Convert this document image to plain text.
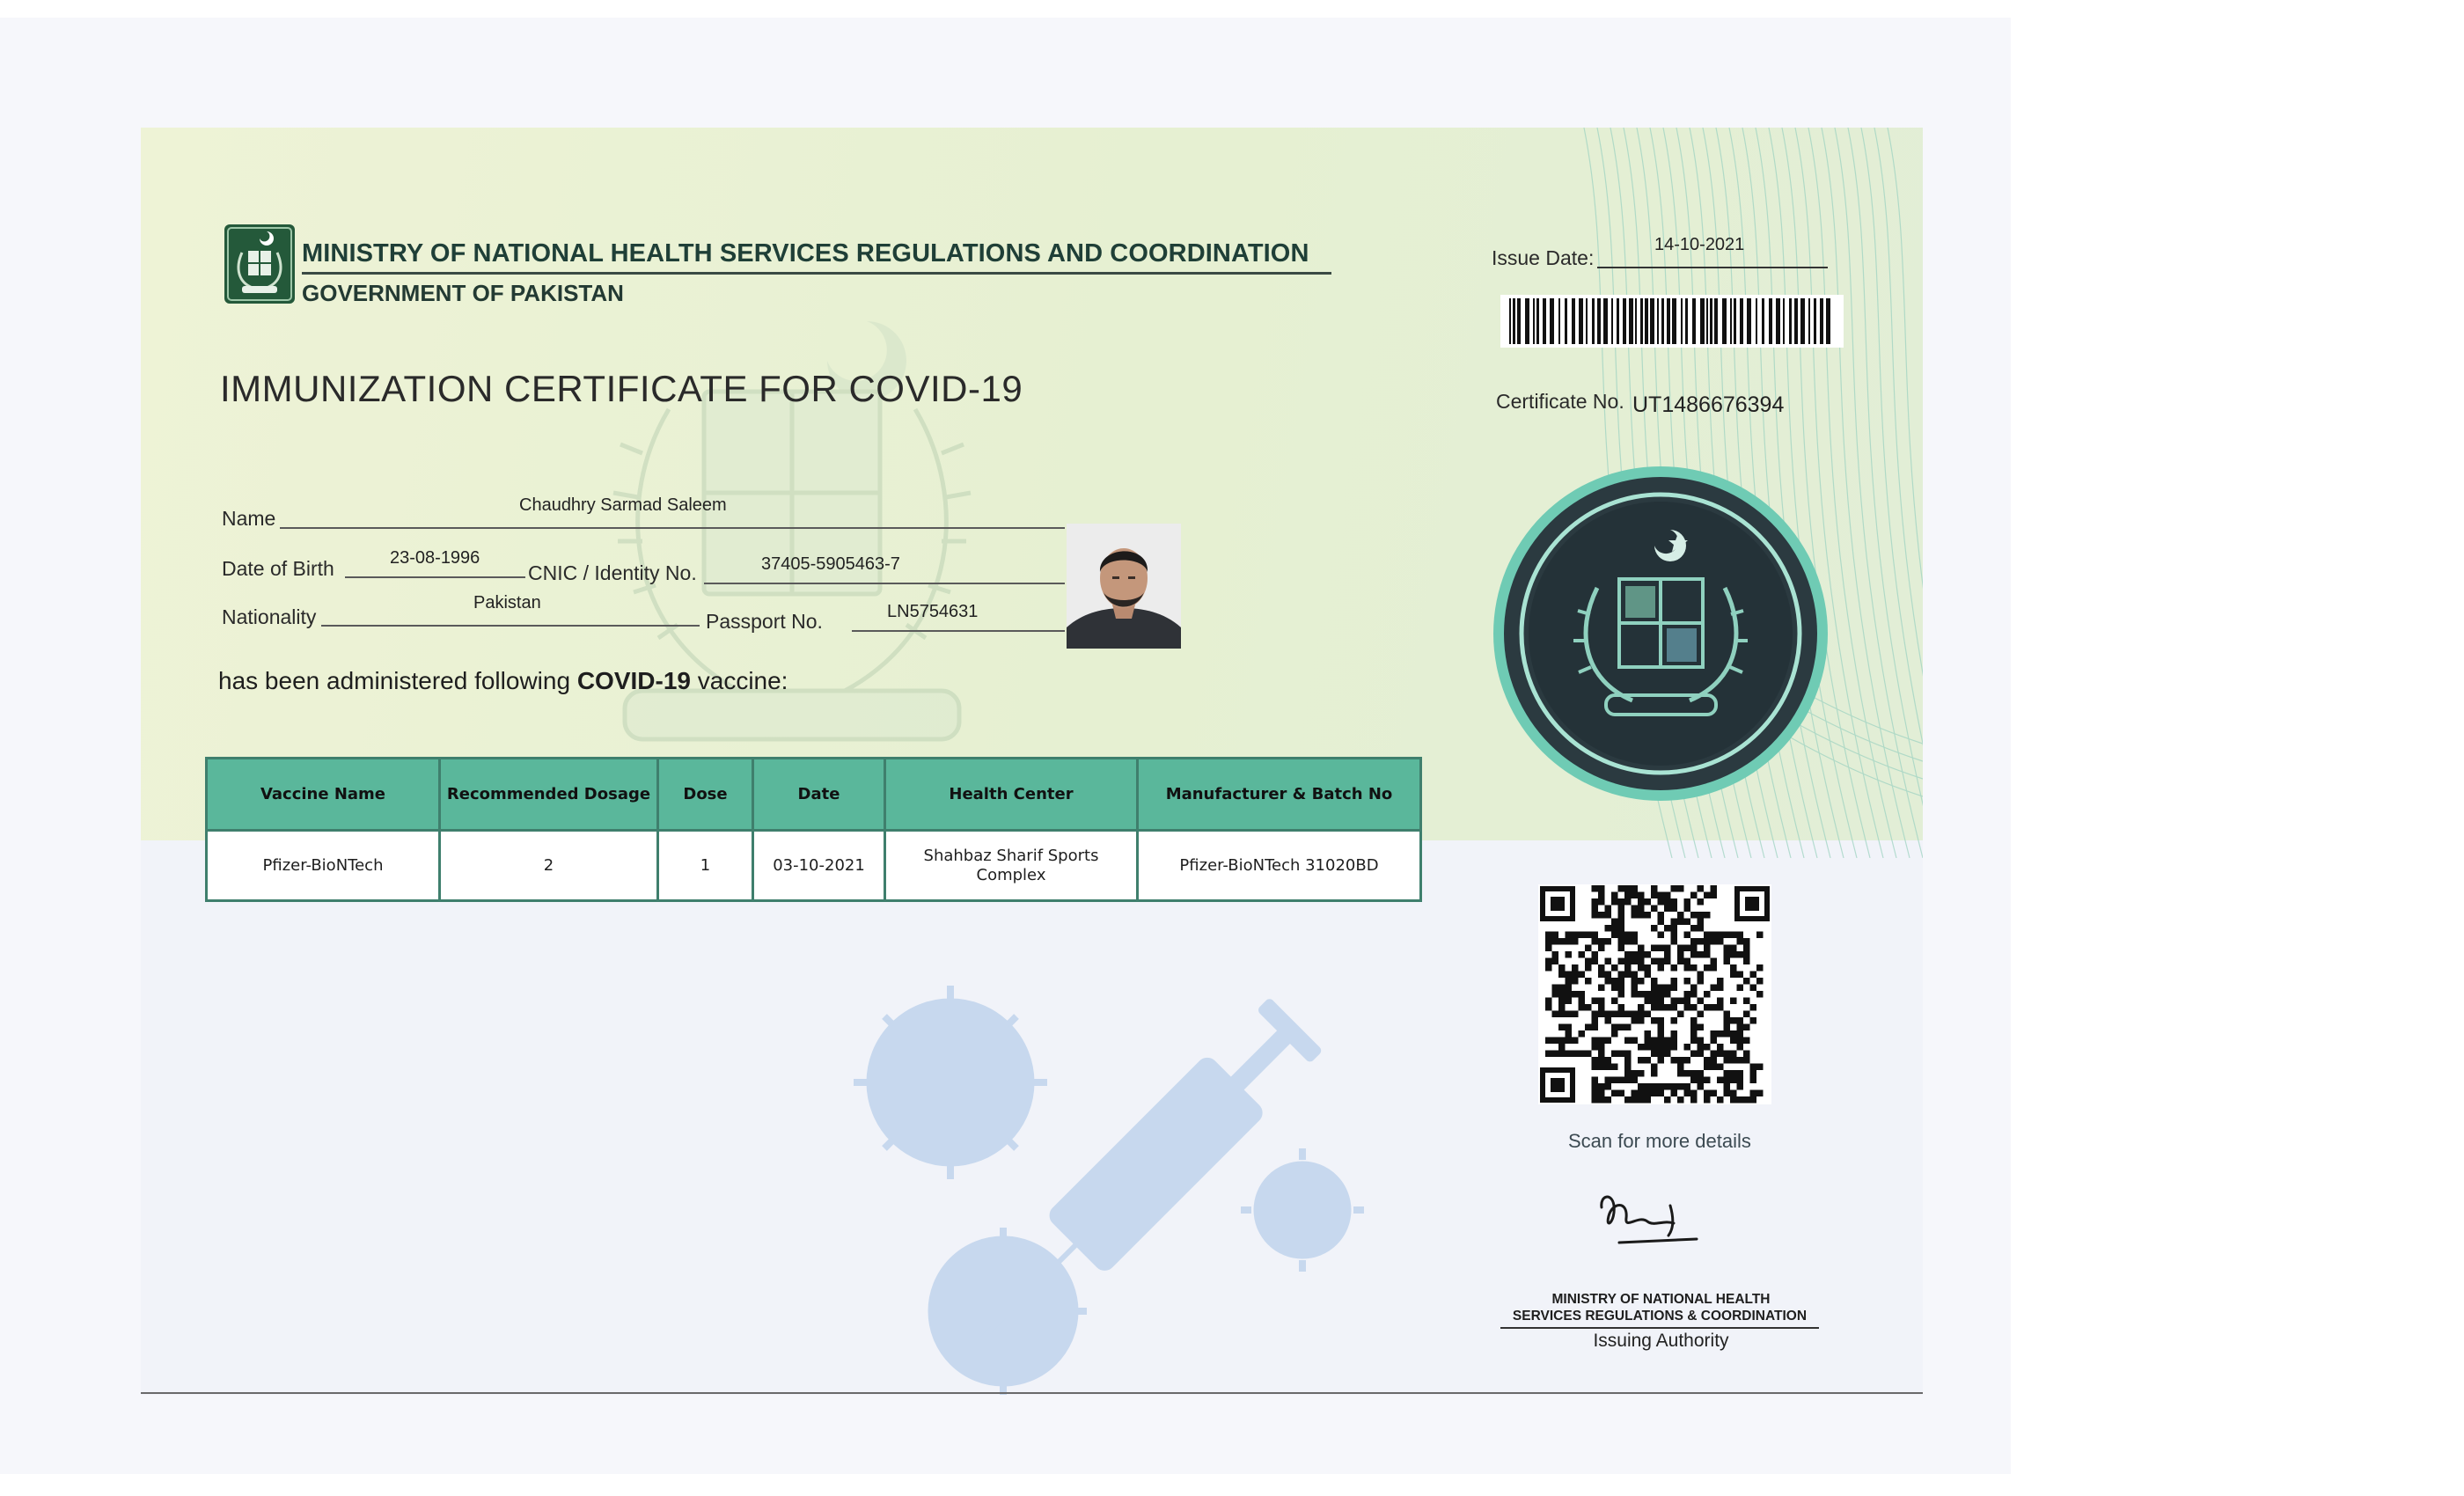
MINISTRY OF NATIONAL HEALTH SERVICES REGULATIONS AND COORDINATION
GOVERNMENT OF PAKISTAN
IMMUNIZATION CERTIFICATE FOR COVID-19
Name
Chaudhry Sarmad Saleem
Date of Birth	23-08-1996
CNIC / Identity No.	37405-5905463-7
Nationality
Pakistan
Passport No.	LN5754631
has been administered following COVID-19 vaccine:
Vaccine Name	Recommended Dosage	Dose	Date	Health Center	Manufacturer & Batch No
Pfizer-BioNTech	2	1	03-10-2021	Shahbaz Sharif Sports Complex	Pfizer-BioNTech 31020BD
Issue Date:
14-10-2021
Certificate No. UT1486676394
Scan for more details
MINISTRY OF NATIONAL HEALTH
SERVICES REGULATIONS & COORDINATION
Issuing Authority
